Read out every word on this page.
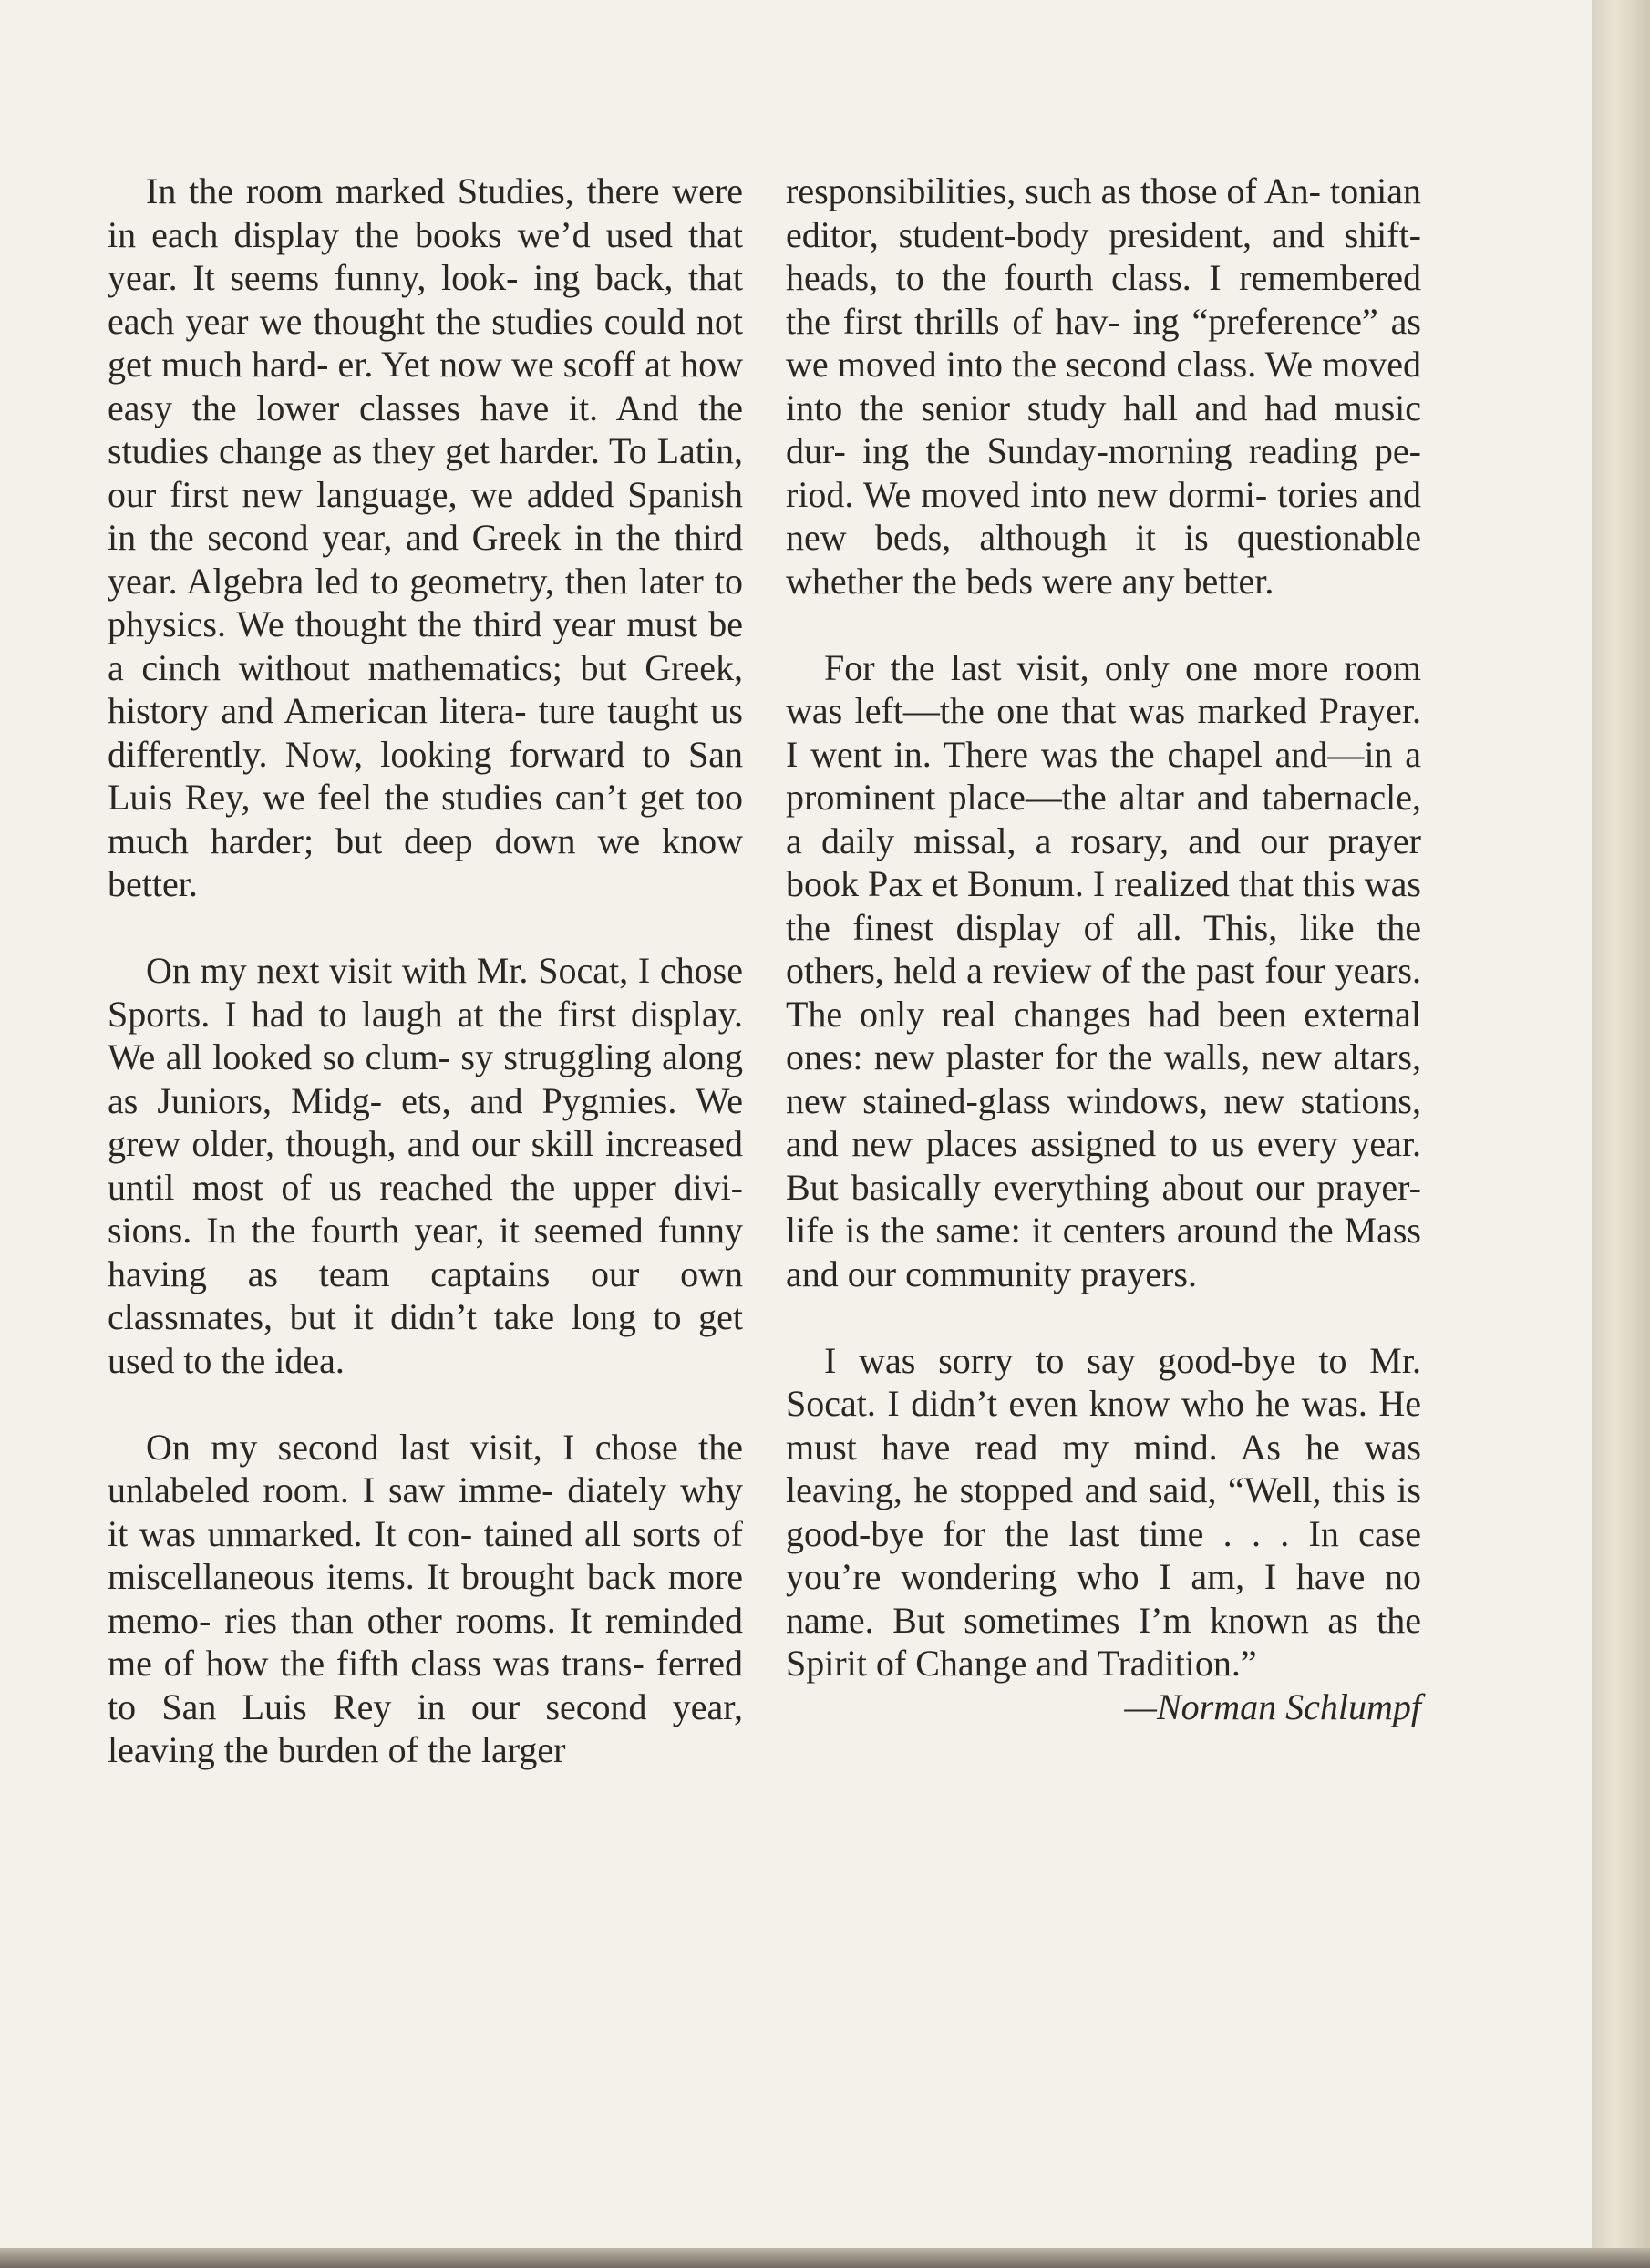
In the room marked Studies, there were in each display the books we’d used that year. It seems funny, look- ing back, that each year we thought the studies could not get much hard- er. Yet now we scoff at how easy the lower classes have it. And the studies change as they get harder. To Latin, our first new language, we added Spanish in the second year, and Greek in the third year. Algebra led to geometry, then later to physics. We thought the third year must be a cinch without mathematics; but Greek, history and American litera- ture taught us differently. Now, looking forward to San Luis Rey, we feel the studies can’t get too much harder; but deep down we know better.

On my next visit with Mr. Socat, I chose Sports. I had to laugh at the first display. We all looked so clum- sy struggling along as Juniors, Midg- ets, and Pygmies. We grew older, though, and our skill increased until most of us reached the upper divi- sions. In the fourth year, it seemed funny having as team captains our own classmates, but it didn’t take long to get used to the idea.

On my second last visit, I chose the unlabeled room. I saw imme- diately why it was unmarked. It con- tained all sorts of miscellaneous items. It brought back more memo- ries than other rooms. It reminded me of how the fifth class was trans- ferred to San Luis Rey in our second year, leaving the burden of the larger

responsibilities, such as those of An- tonian editor, student-body president, and shift-heads, to the fourth class. I remembered the first thrills of hav- ing “preference” as we moved into the second class. We moved into the senior study hall and had music dur- ing the Sunday-morning reading pe- riod. We moved into new dormi- tories and new beds, although it is questionable whether the beds were any better.

For the last visit, only one more room was left—the one that was marked Prayer. I went in. There was the chapel and—in a prominent place—the altar and tabernacle, a daily missal, a rosary, and our prayer book Pax et Bonum. I realized that this was the finest display of all. This, like the others, held a review of the past four years. The only real changes had been external ones: new plaster for the walls, new altars, new stained-glass windows, new stations, and new places assigned to us every year. But basically everything about our prayer-life is the same: it centers around the Mass and our community prayers.

I was sorry to say good-bye to Mr. Socat. I didn’t even know who he was. He must have read my mind. As he was leaving, he stopped and said, “Well, this is good-bye for the last time . . . In case you’re wondering who I am, I have no name. But sometimes I’m known as the Spirit of Change and Tradition.”

—Norman Schlumpf
